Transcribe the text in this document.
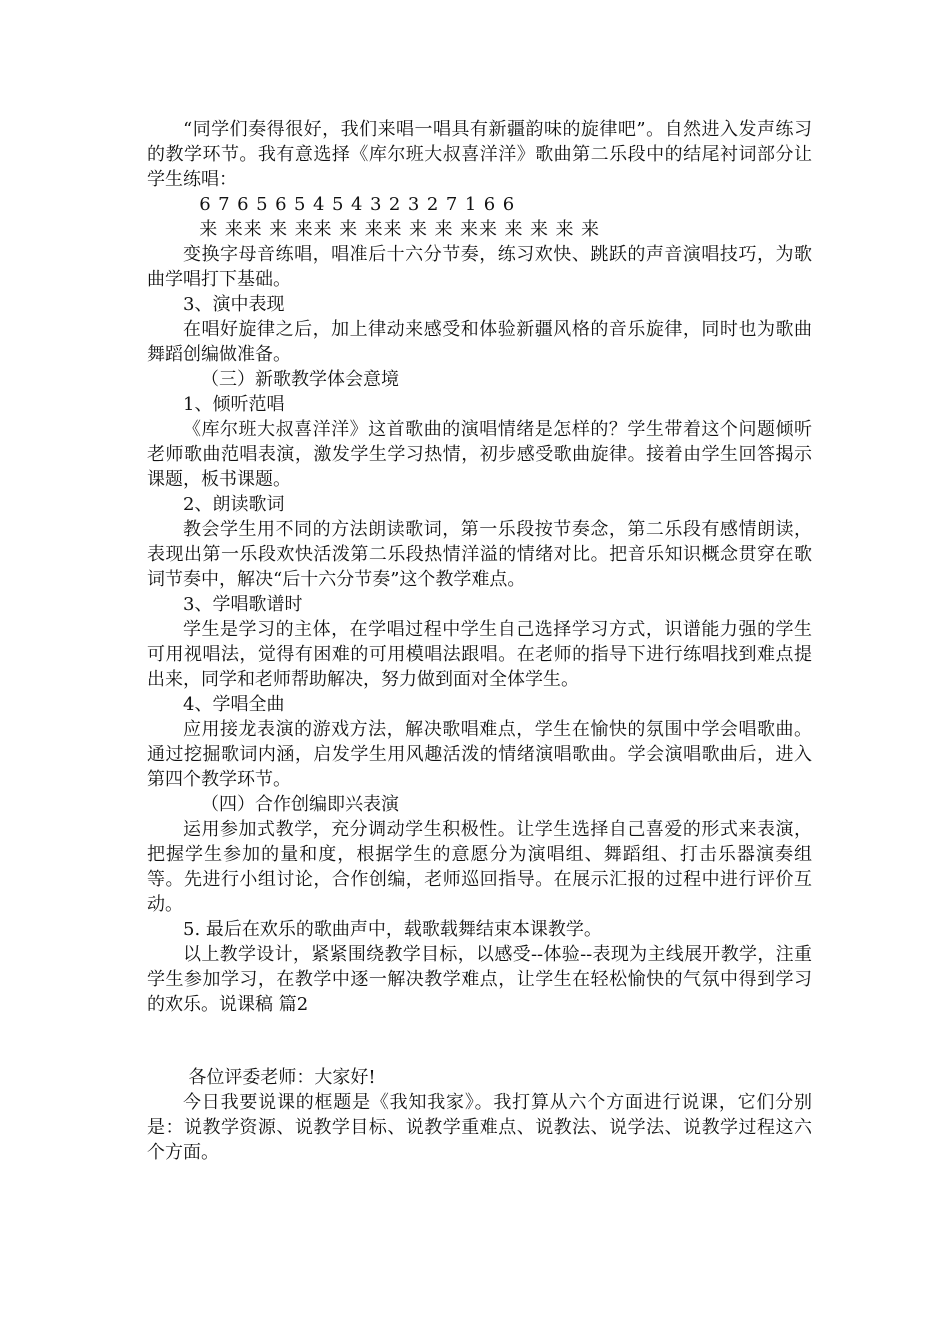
“同学们奏得很好，我们来唱一唱具有新疆韵味的旋律吧”。自然进入发声练习的教学环节。我有意选择《库尔班大叔喜洋洋》歌曲第二乐段中的结尾衬词部分让学生练唱：

6 7 6 5 6 5 4 5 4 3 2 3 2 7 1 6 6

来 来来 来 来来 来 来来 来 来 来来 来 来 来 来

变换字母音练唱，唱准后十六分节奏，练习欢快、跳跃的声音演唱技巧，为歌曲学唱打下基础。

3、演中表现

在唱好旋律之后，加上律动来感受和体验新疆风格的音乐旋律，同时也为歌曲舞蹈创编做准备。

（三）新歌教学体会意境

1、倾听范唱

《库尔班大叔喜洋洋》这首歌曲的演唱情绪是怎样的？学生带着这个问题倾听老师歌曲范唱表演，激发学生学习热情，初步感受歌曲旋律。接着由学生回答揭示课题，板书课题。

2、朗读歌词

教会学生用不同的方法朗读歌词，第一乐段按节奏念，第二乐段有感情朗读，表现出第一乐段欢快活泼第二乐段热情洋溢的情绪对比。把音乐知识概念贯穿在歌词节奏中，解决“后十六分节奏”这个教学难点。

3、学唱歌谱时

学生是学习的主体，在学唱过程中学生自己选择学习方式，识谱能力强的学生可用视唱法，觉得有困难的可用模唱法跟唱。在老师的指导下进行练唱找到难点提出来，同学和老师帮助解决，努力做到面对全体学生。

4、学唱全曲

应用接龙表演的游戏方法，解决歌唱难点，学生在愉快的氛围中学会唱歌曲。通过挖掘歌词内涵，启发学生用风趣活泼的情绪演唱歌曲。学会演唱歌曲后，进入第四个教学环节。

（四）合作创编即兴表演

运用参加式教学，充分调动学生积极性。让学生选择自己喜爱的形式来表演，把握学生参加的量和度，根据学生的意愿分为演唱组、舞蹈组、打击乐器演奏组等。先进行小组讨论，合作创编，老师巡回指导。在展示汇报的过程中进行评价互动。

5. 最后在欢乐的歌曲声中，载歌载舞结束本课教学。

以上教学设计，紧紧围绕教学目标，以感受--体验--表现为主线展开教学，注重学生参加学习，在教学中逐一解决教学难点，让学生在轻松愉快的气氛中得到学习的欢乐。说课稿 篇2

各位评委老师：大家好!

今日我要说课的框题是《我知我家》。我打算从六个方面进行说课，它们分别是：说教学资源、说教学目标、说教学重难点、说教法、说学法、说教学过程这六个方面。
